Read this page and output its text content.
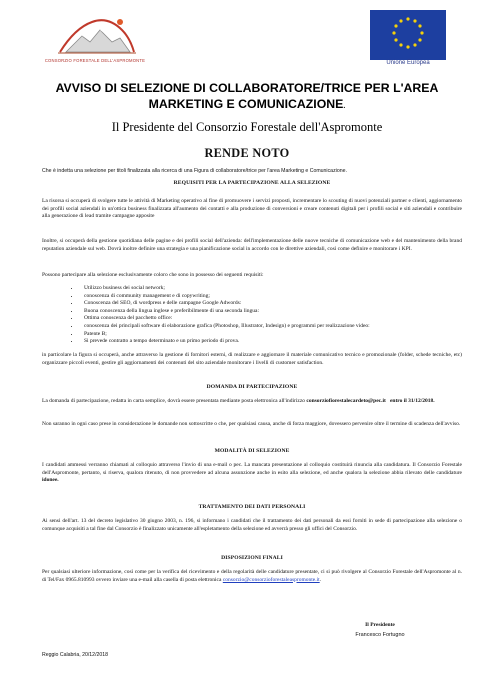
CONSORZIO FORESTALE DELL'ASPROMONTE	Unione Europea
AVVISO DI SELEZIONE DI COLLABORATORE/TRICE PER L'AREA
MARKETING E COMUNICAZIONE.
Il Presidente del Consorzio Forestale dell'Aspromonte
RENDE NOTO
Che è indetta una selezione per titoli finalizzata alla ricerca di una Figura di collaboratore/trice per l'area Marketing e Comunicazione.
REQUISITI PER LA PARTECIPAZIONE ALLA SELEZIONE

La risorsa si occuperà di svolgere tutte le attività di Marketing operativo al fine di promuovere i servizi proposti, incrementare lo scouting di nuovi potenziali partner e clienti, aggiornamento dei profili social aziendali in un'ottica business finalizzata all'aumento dei contatti e alla produzione di conversioni e creare contenuti digitali per i profili social e siti aziendali e contribuire alla generazione di lead tramite campagne apposite

Inoltre, si occuperà della gestione quotidiana delle pagine e dei profili social dell'azienda: dell'implementazione delle nuove tecniche di comunicazione web e del mantenimento della brand reputation aziendale sul web. Dovrà inoltre definire una strategia e una pianificazione social in accordo con le direttive aziendali, così come definire e monitorare i KPI.

Possono partecipare alla selezione esclusivamente coloro che sono in possesso dei seguenti requisiti:

• Utilizzo business dei social network;
• conoscenza di community management e di copywriting;
• Conoscenza del SEO, di wordpress e delle campagne Google Adwords:
• Buona conoscenza della lingua inglese e preferibilmente di una seconda lingua:
• Ottima conoscenza del pacchetto office:
• conoscenza dei principali software di elaborazione grafica (Photoshop, Illustrator, Indesign) e programmi per realizzazione video:
• Patente B;
• Si prevede contratto a tempo determinato e un primo periodo di prova.

in particolare la figura si occuperà, anche attraverso la gestione di fornitori esterni, di realizzare e aggiornare il materiale comunicativo tecnico e promozionale (folder, schede tecniche, etc) organizzare piccoli eventi, gestire gli aggiornamenti dei contenuti del sito aziendale monitorare i livelli di customer satisfaction.

DOMANDA DI PARTECIPAZIONE

La domanda di partecipazione, redatta in carta semplice, dovrà essere presentata mediante posta elettronica all'indirizzo consorziofiorestalecardeto@pec.it entro il 31/12/2018.

Non saranno in ogni caso prese in considerazione le domande non sottoscritte o che, per qualsiasi causa, anche di forza maggiore, dovessero pervenire oltre il termine di scadenza dell'avviso.

MODALITÀ DI SELEZIONE

I candidati ammessi verranno chiamati al colloquio attraverso l'invio di una e-mail o pec. La mancata presentazione al colloquio costituirà rinuncia alla candidatura. Il Consorzio Forestale dell'Aspromonte, pertanto, si riserva, qualora ritenuto, di non provvedere ad alcuna assunzione anche in esito alla selezione, ed anche qualora la selezione abbia rilevato delle candidature idonee.

TRATTAMENTO DEI DATI PERSONALI

Ai sensi dell'art. 13 del decreto legislativo 30 giugno 2003, n. 196, si informano i candidati che il trattamento dei dati personali da essi forniti in sede di partecipazione alla selezione o comunque acquisiti a tal fine dal Consorzio è finalizzato unicamente all'espletamento della selezione ed avverrà presso gli uffici del Consorzio.

DISPOSIZIONI FINALI

Per qualsiasi ulteriore informazione, così come per la verifica del ricevimento e della regolarità delle candidature presentate, ci si può rivolgere al Consorzio Forestale dell'Aspromonte al n. di Tel/Fax 0965.810993 ovvero inviare una e-mail alla casella di posta elettronica consorzio@consorzioforestaleaspromonte.it.

Il Presidente
Francesco Fortugno
Reggio Calabria, 20/12/2018
